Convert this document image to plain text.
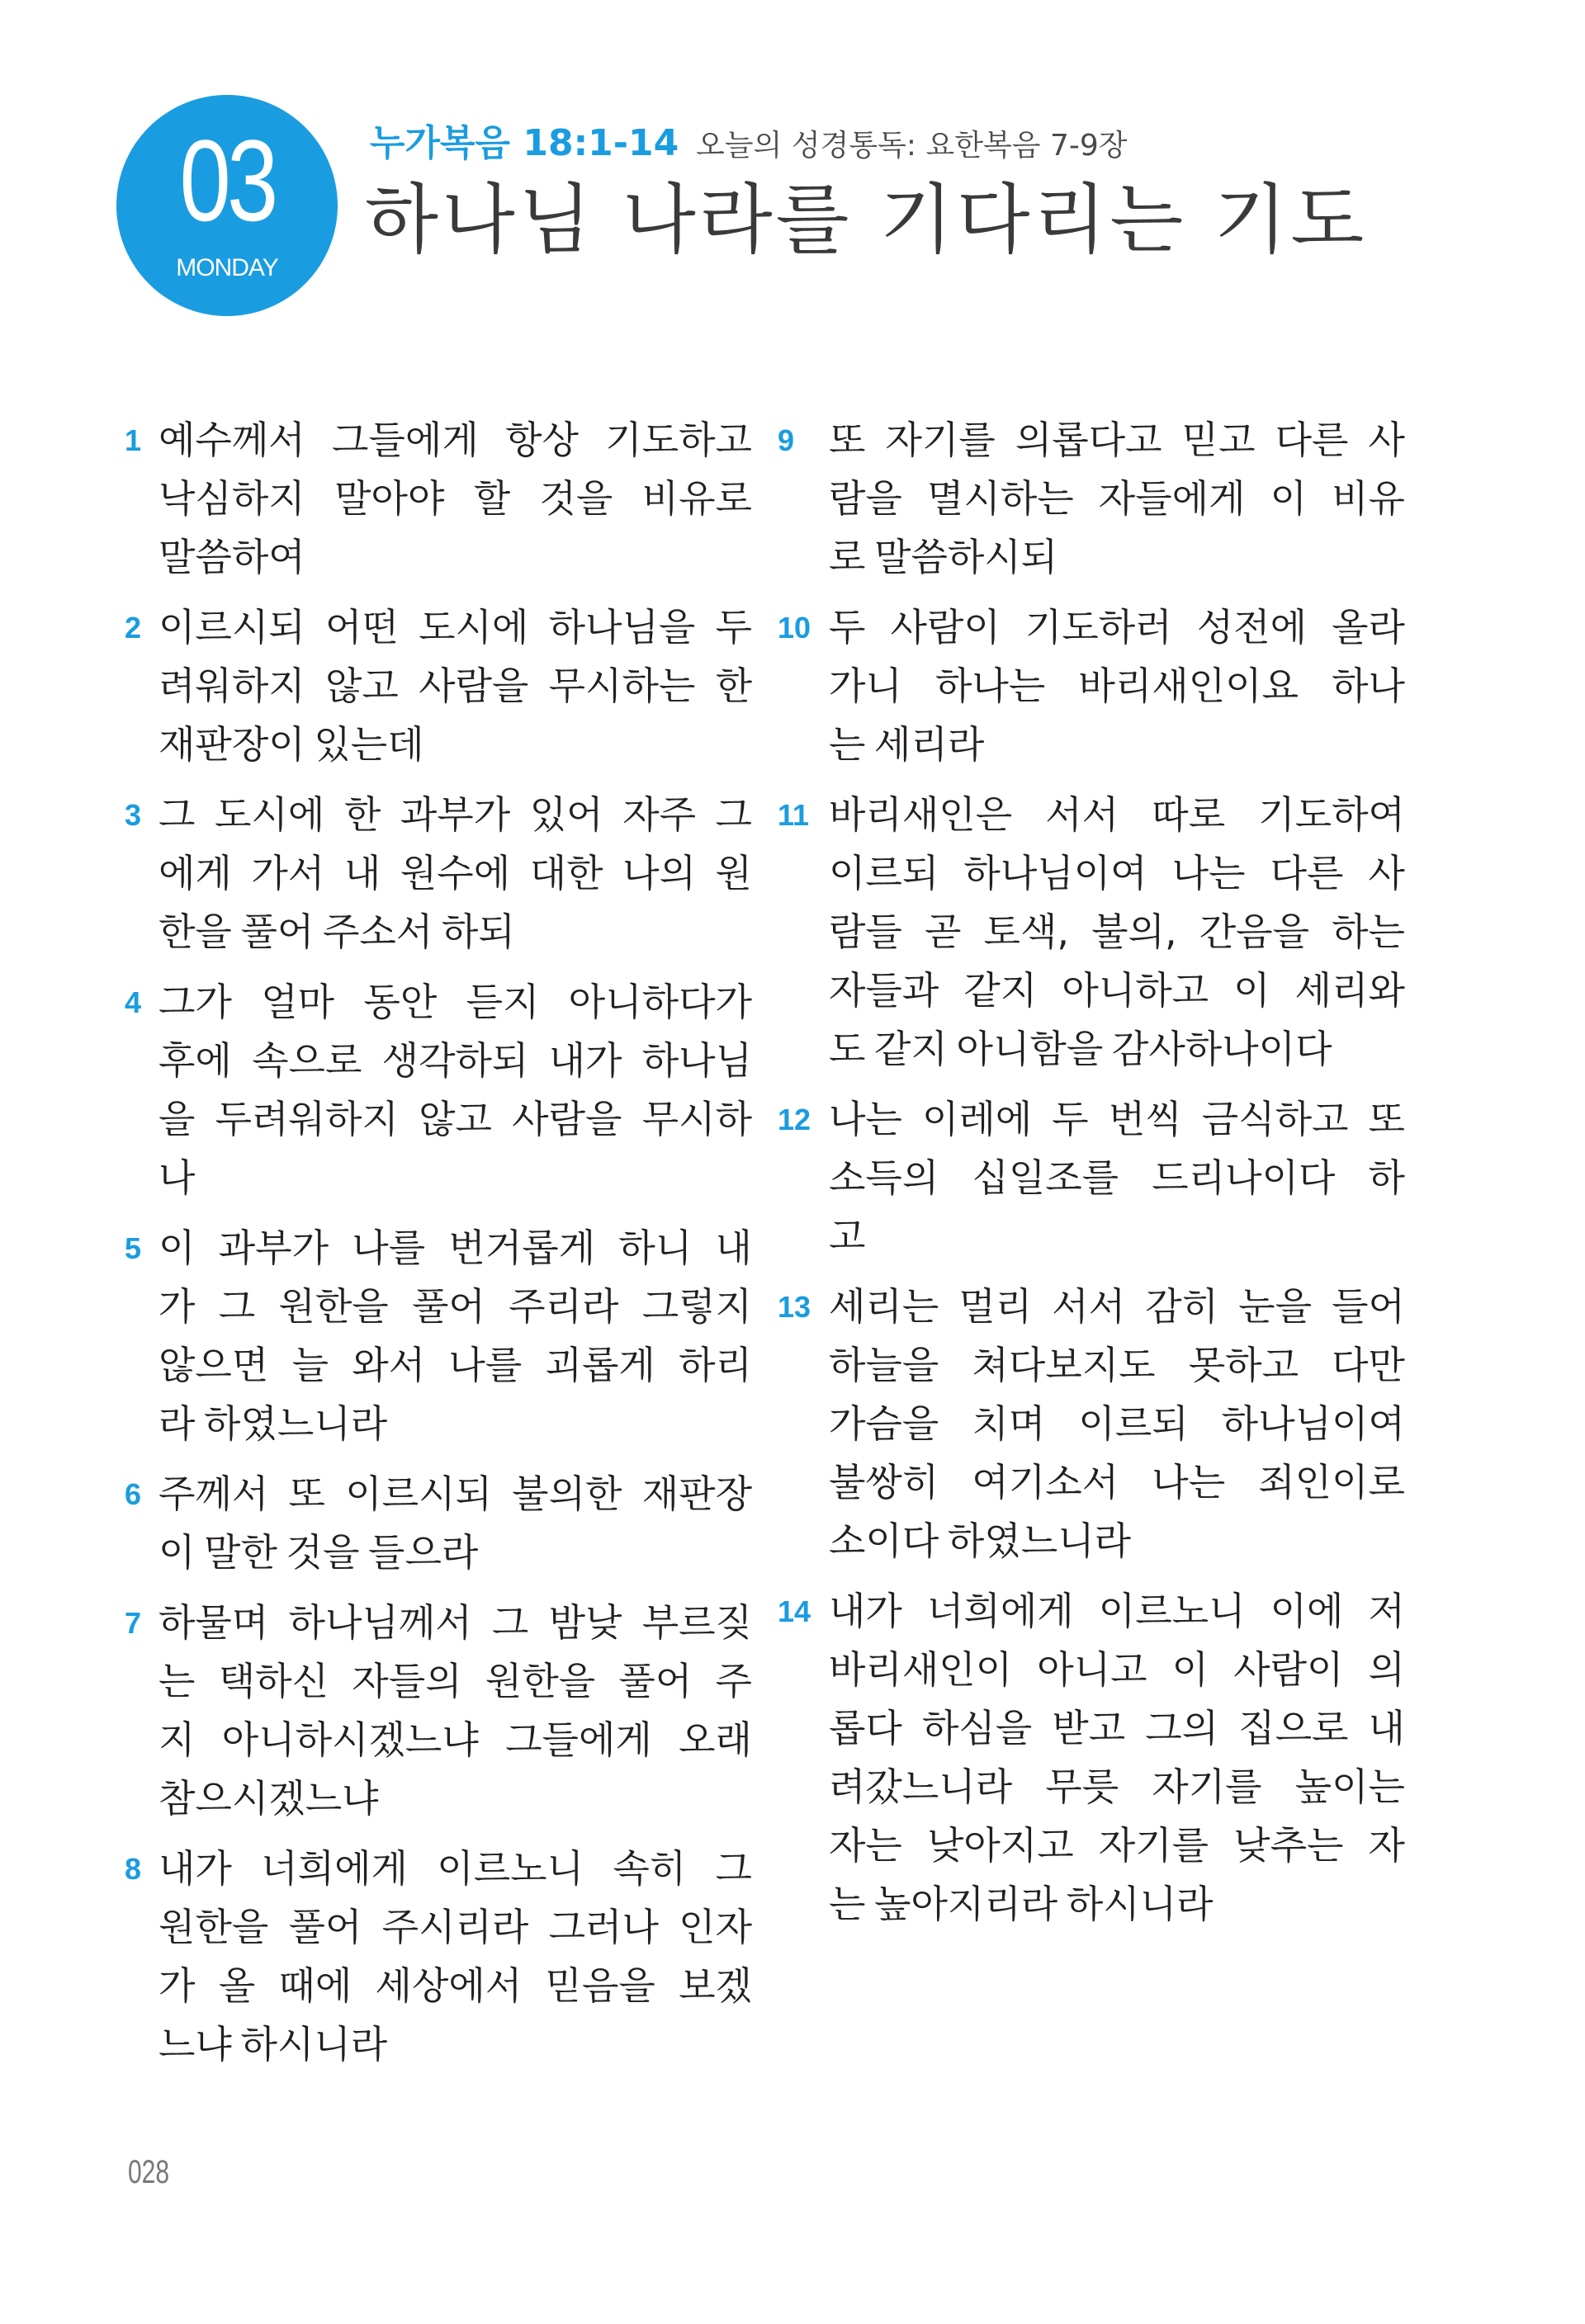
03
MONDAY
누가복음 18:1-14 오늘의 성경통독: 요한복음 7-9장
하나님 나라를 기다리는 기도
1 예수께서 그들에게 항상 기도하고
낙심하지 말아야 할 것을 비유로
말씀하여
2 이르시되 어떤 도시에 하나님을 두
려워하지 않고 사람을 무시하는 한
재판장이 있는데
3 그 도시에 한 과부가 있어 자주 그
에게 가서 내 원수에 대한 나의 원
한을 풀어 주소서 하되
4 그가 얼마 동안 듣지 아니하다가
후에 속으로 생각하되 내가 하나님
을 두려워하지 않고 사람을 무시하
나
5 이 과부가 나를 번거롭게 하니 내
가 그 원한을 풀어 주리라 그렇지
않으면 늘 와서 나를 괴롭게 하리
라 하였느니라
6 주께서 또 이르시되 불의한 재판장
이 말한 것을 들으라
7 하물며 하나님께서 그 밤낮 부르짖
는 택하신 자들의 원한을 풀어 주
지 아니하시겠느냐 그들에게 오래
참으시겠느냐
8 내가 너희에게 이르노니 속히 그
원한을 풀어 주시리라 그러나 인자
가 올 때에 세상에서 믿음을 보겠
느냐 하시니라
9 또 자기를 의롭다고 믿고 다른 사
람을 멸시하는 자들에게 이 비유
로 말씀하시되
10 두 사람이 기도하러 성전에 올라
가니 하나는 바리새인이요 하나
는 세리라
11 바리새인은 서서 따로 기도하여
이르되 하나님이여 나는 다른 사
람들 곧 토색, 불의, 간음을 하는
자들과 같지 아니하고 이 세리와
도 같지 아니함을 감사하나이다
12 나는 이레에 두 번씩 금식하고 또
소득의 십일조를 드리나이다 하
고
13 세리는 멀리 서서 감히 눈을 들어
하늘을 쳐다보지도 못하고 다만
가슴을 치며 이르되 하나님이여
불쌍히 여기소서 나는 죄인이로
소이다 하였느니라
14 내가 너희에게 이르노니 이에 저
바리새인이 아니고 이 사람이 의
롭다 하심을 받고 그의 집으로 내
려갔느니라 무릇 자기를 높이는
자는 낮아지고 자기를 낮추는 자
는 높아지리라 하시니라
028
